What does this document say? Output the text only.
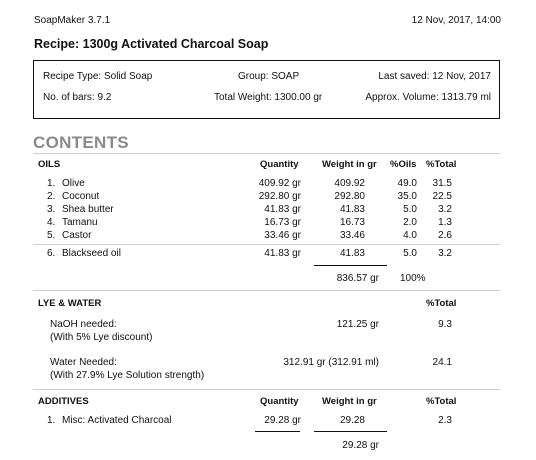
SoapMaker 3.7.1	12 Nov, 2017, 14:00
Recipe: 1300g Activated Charcoal Soap
Recipe Type: Solid Soap	Group: SOAP	Last saved: 12 Nov, 2017
No. of bars: 9.2	Total Weight: 1300.00 gr	Approx. Volume: 1313.79 ml
CONTENTS
OILS	Quantity Weight in gr %Oils %Total
1. Olive	409.92 gr	409.92	49.0 31.5
2. Coconut	292.80 gr	292.80	35.0 22.5
3. Shea butter	41.83 gr	41.83	5.0 3.2
4. Tamanu	16.73 gr	16.73	2.0 1.3
5. Castor	33.46 gr	33.46	4.0 2.6
6. Blackseed oil	41.83 gr	41.83	5.0 3.2
836.57 gr 100%
LYE & WATER	%Total
NaOH needed:
(With 5% Lye discount)
121.25 gr	9.3
Water Needed:
(With 27.9% Lye Solution strength)
312.91 gr (312.91 ml)	24.1
ADDITIVES	Quantity Weight in gr	%Total
1. Misc: Activated Charcoal	29.28 gr	29.28	2.3
29.28 gr
